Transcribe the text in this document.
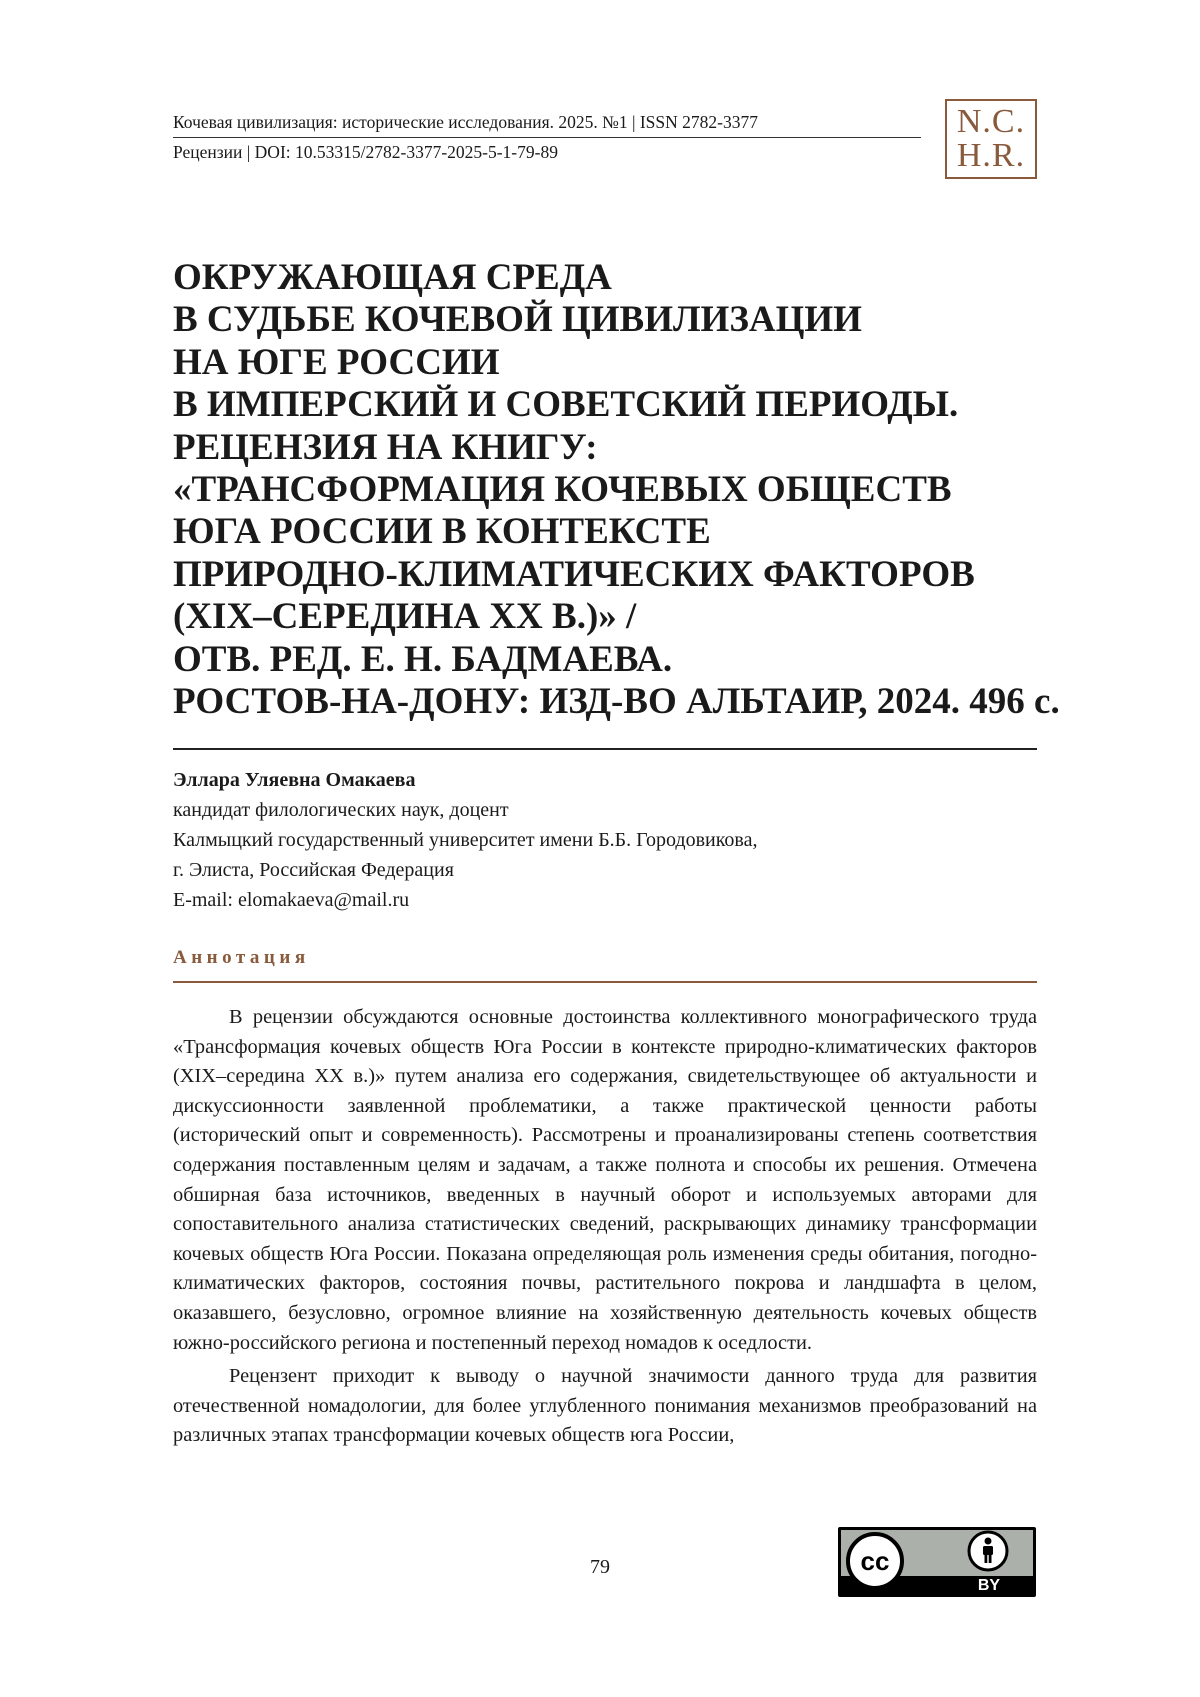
Кочевая цивилизация: исторические исследования. 2025. №1 | ISSN 2782-3377
Рецензии | DOI: 10.53315/2782-3377-2025-5-1-79-89
N.C.
H.R.
ОКРУЖАЮЩАЯ СРЕДА
В СУДЬБЕ КОЧЕВОЙ ЦИВИЛИЗАЦИИ
НА ЮГЕ РОССИИ
В ИМПЕРСКИЙ И СОВЕТСКИЙ ПЕРИОДЫ.
РЕЦЕНЗИЯ НА КНИГУ:
«ТРАНСФОРМАЦИЯ КОЧЕВЫХ ОБЩЕСТВ
ЮГА РОССИИ В КОНТЕКСТЕ
ПРИРОДНО-КЛИМАТИЧЕСКИХ ФАКТОРОВ
(XIX–СЕРЕДИНА XX В.)» /
ОТВ. РЕД. Е. Н. БАДМАЕВА.
РОСТОВ-НА-ДОНУ: ИЗД-ВО АЛЬТАИР, 2024. 496 с.
Эллара Уляевна Омакаева
кандидат филологических наук, доцент
Калмыцкий государственный университет имени Б.Б. Городовикова,
г. Элиста, Российская Федерация
E-mail: elomakaeva@mail.ru
Аннотация

В рецензии обсуждаются основные достоинства коллективного монографического труда «Трансформация кочевых обществ Юга России в контексте природно-климатических факторов (XIX–середина XX в.)» путем анализа его содержания, свидетельствующее об актуальности и дискуссионности заявленной проблематики, а также практической ценности работы (исторический опыт и современность). Рассмотрены и проанализированы степень соответствия содержания поставленным целям и задачам, а также полнота и способы их решения. Отмечена обширная база источников, введенных в научный оборот и используемых авторами для сопоставительного анализа статистических сведений, раскрывающих динамику трансформации кочевых обществ Юга России. Показана определяющая роль изменения среды обитания, погодно-климатических факторов, состояния почвы, растительного покрова и ландшафта в целом, оказавшего, безусловно, огромное влияние на хозяйственную деятельность кочевых обществ южно-российского региона и постепенный переход номадов к оседлости.

Рецензент приходит к выводу о научной значимости данного труда для развития отечественной номадологии, для более углубленного понимания механизмов преобразований на различных этапах трансформации кочевых обществ юга России,

79	cc
BY
